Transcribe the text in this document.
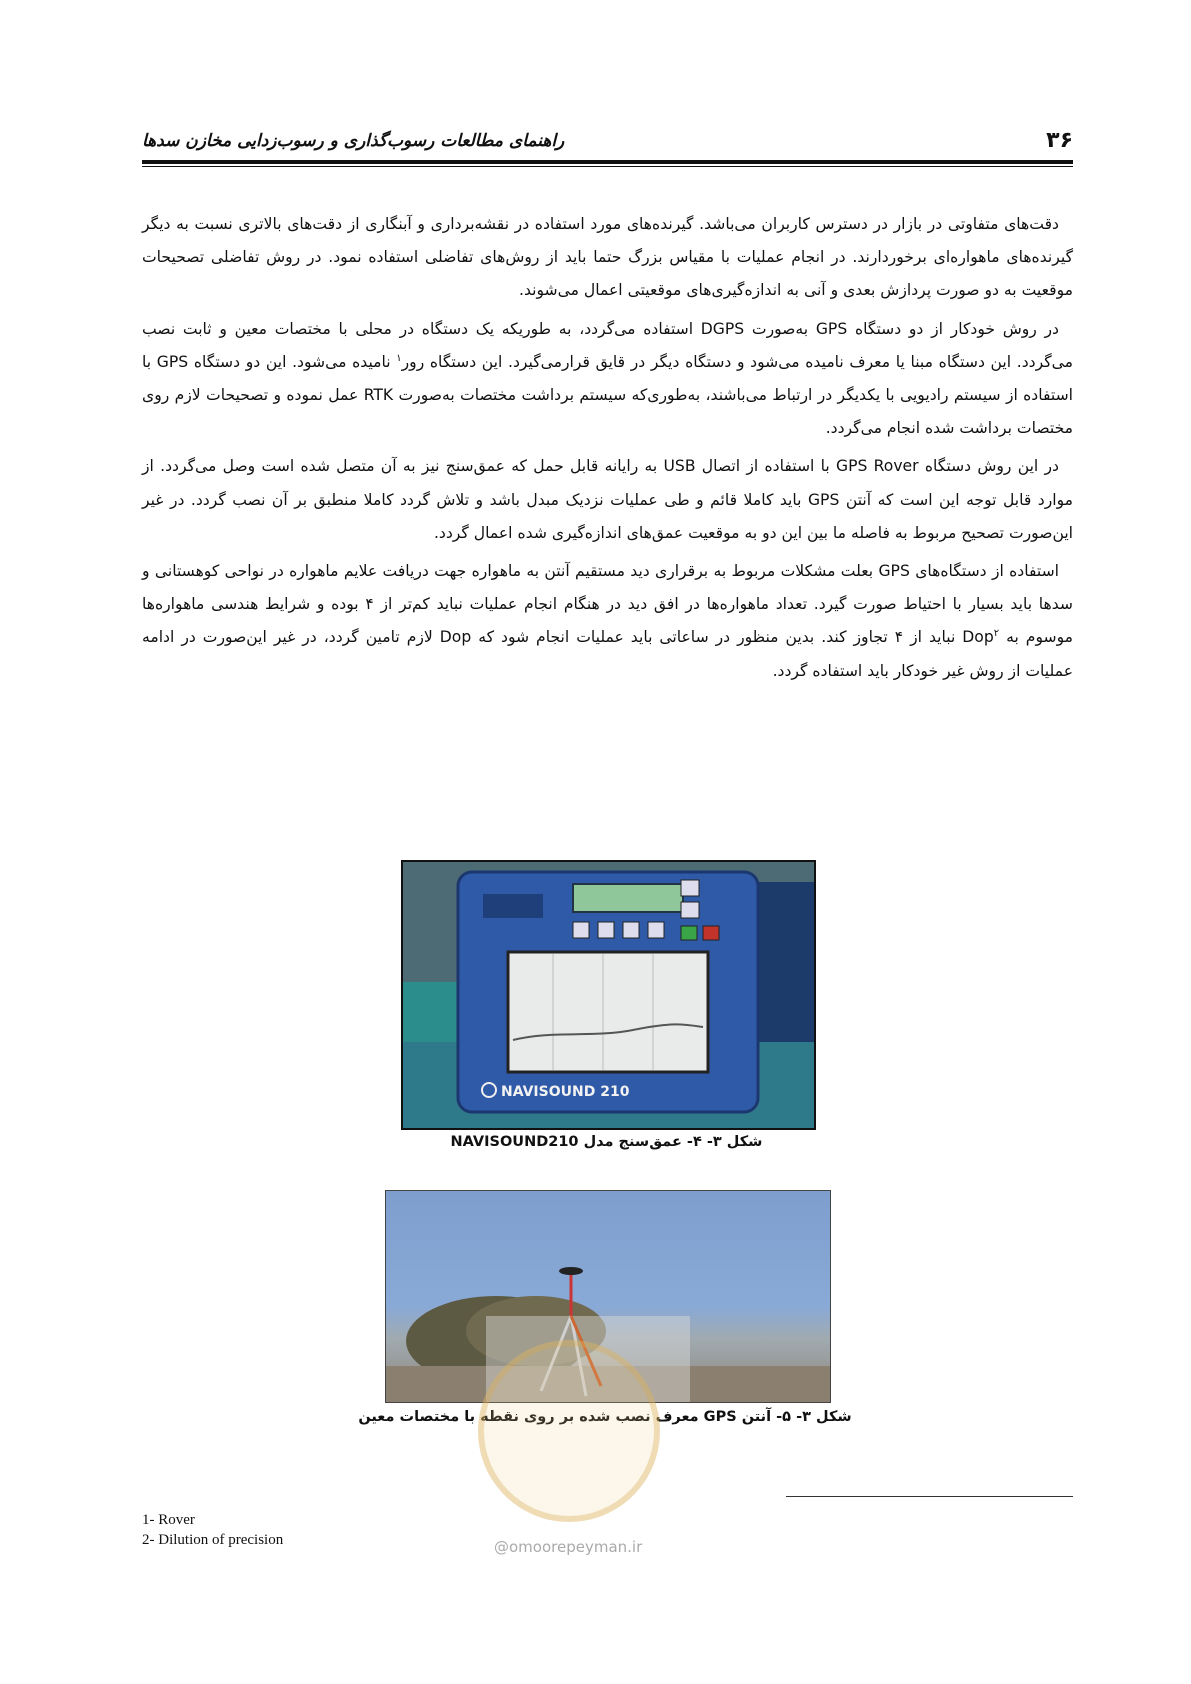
۳۶
راهنمای مطالعات رسوب‌گذاری و رسوب‌زدایی مخازن سدها

دقت‌های متفاوتی در بازار در دسترس کاربران می‌باشد. گیرنده‌های مورد استفاده در نقشه‌برداری و آبنگاری از دقت‌های بالاتری نسبت به دیگر گیرنده‌های ماهواره‌ای برخوردارند. در انجام عملیات با مقیاس بزرگ حتما باید از روش‌های تفاضلی استفاده نمود. در روش تفاضلی تصحیحات موقعیت به دو صورت پردازش بعدی و آنی به اندازه‌گیری‌های موقعیتی اعمال می‌شوند.

در روش خودکار از دو دستگاه GPS به‌صورت DGPS استفاده می‌گردد، به طوریکه یک دستگاه در محلی با مختصات معین و ثابت نصب می‌گردد. این دستگاه مبنا یا معرف نامیده می‌شود و دستگاه دیگر در قایق قرارمی‌گیرد. این دستگاه رور$^۱$ نامیده می‌شود. این دو دستگاه GPS با استفاده از سیستم رادیویی با یکدیگر در ارتباط می‌باشند، به‌طوری‌که سیستم برداشت مختصات به‌صورت RTK عمل نموده و تصحیحات لازم روی مختصات برداشت شده انجام می‌گردد.

در این روش دستگاه GPS Rover با استفاده از اتصال USB به رایانه قابل حمل که عمق‌سنج نیز به آن متصل شده است وصل می‌گردد. از موارد قابل توجه این است که آنتن GPS باید کاملا قائم و طی عملیات نزدیک مبدل باشد و تلاش گردد کاملا منطبق بر آن نصب گردد. در غیر این‌صورت تصحیح مربوط به فاصله ما بین این دو به موقعیت عمق‌های اندازه‌گیری شده اعمال گردد.

استفاده از دستگاه‌های GPS بعلت مشکلات مربوط به برقراری دید مستقیم آنتن به ماهواره جهت دریافت علایم ماهواره در نواحی کوهستانی و سدها باید بسیار با احتیاط صورت گیرد. تعداد ماهواره‌ها در افق دید در هنگام انجام عملیات نباید کم‌تر از ۴ بوده و شرایط هندسی ماهواره‌ها موسوم به Dop$^۲$ نباید از ۴ تجاوز کند. بدین منظور در ساعاتی باید عملیات انجام شود که Dop لازم تامین گردد، در غیر این‌صورت در ادامه عملیات از روش غیر خودکار باید استفاده گردد.

NAVISOUND 210
شکل ۳- ۴- عمق‌سنج مدل NAVISOUND210
شکل ۳- ۵- آنتن GPS معرف نصب شده بر روی نقطه با مختصات معین
1- Rover
2- Dilution of precision	@omoorepeyman.ir
